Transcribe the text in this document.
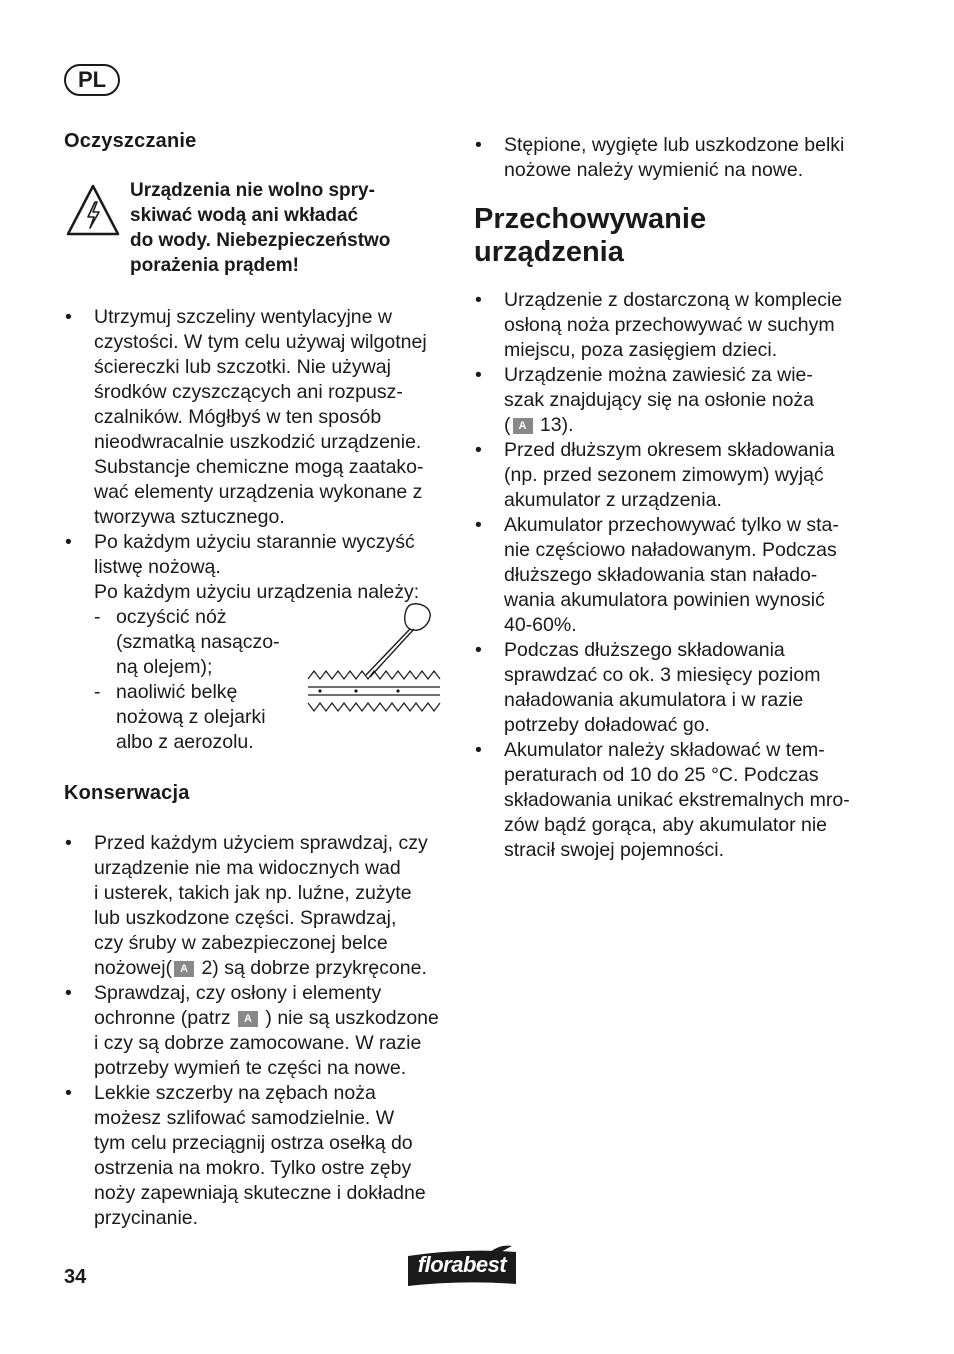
PL
Oczyszczanie
Urządzenia nie wolno spry-
skiwać wodą ani wkładać
do wody. Niebezpieczeństwo
porażenia prądem!
• Utrzymuj szczeliny wentylacyjne w
czystości. W tym celu używaj wilgotnej
ściereczki lub szczotki. Nie używaj
środków czyszczących ani rozpusz-
czalników. Mógłbyś w ten sposób
nieodwracalnie uszkodzić urządzenie.
Substancje chemiczne mogą zaatako-
wać elementy urządzenia wykonane z
tworzywa sztucznego.
• Po każdym użyciu starannie wyczyść
listwę nożową.
Po każdym użyciu urządzenia należy:
- oczyścić nóż
(szmatką nasączo-
ną olejem);
- naoliwić belkę
nożową z olejarki
albo z aerozolu.
Konserwacja
• Przed każdym użyciem sprawdzaj, czy
urządzenie nie ma widocznych wad
i usterek, takich jak np. luźne, zużyte
lub uszkodzone części. Sprawdzaj,
czy śruby w zabezpieczonej belce
nożowej( A 2) są dobrze przykręcone.
• Sprawdzaj, czy osłony i elementy
ochronne (patrz A ) nie są uszkodzone
i czy są dobrze zamocowane. W razie
potrzeby wymień te części na nowe.
• Lekkie szczerby na zębach noża
możesz szlifować samodzielnie. W
tym celu przeciągnij ostrza osełką do
ostrzenia na mokro. Tylko ostre zęby
noży zapewniają skuteczne i dokładne
przycinanie.
• Stępione, wygięte lub uszkodzone belki
nożowe należy wymienić na nowe.
Przechowywanie
urządzenia
• Urządzenie z dostarczoną w komplecie
osłoną noża przechowywać w suchym
miejscu, poza zasięgiem dzieci.
• Urządzenie można zawiesić za wie-
szak znajdujący się na osłonie noża
( A 13).
• Przed dłuższym okresem składowania
(np. przed sezonem zimowym) wyjąć
akumulator z urządzenia.
• Akumulator przechowywać tylko w sta-
nie częściowo naładowanym. Podczas
dłuższego składowania stan nałado-
wania akumulatora powinien wynosić
40-60%.
• Podczas dłuższego składowania
sprawdzać co ok. 3 miesięcy poziom
naładowania akumulatora i w razie
potrzeby doładować go.
• Akumulator należy składować w tem-
peraturach od 10 do 25 °C. Podczas
składowania unikać ekstremalnych mro-
zów bądź gorąca, aby akumulator nie
stracił swojej pojemności.
34	florabest
